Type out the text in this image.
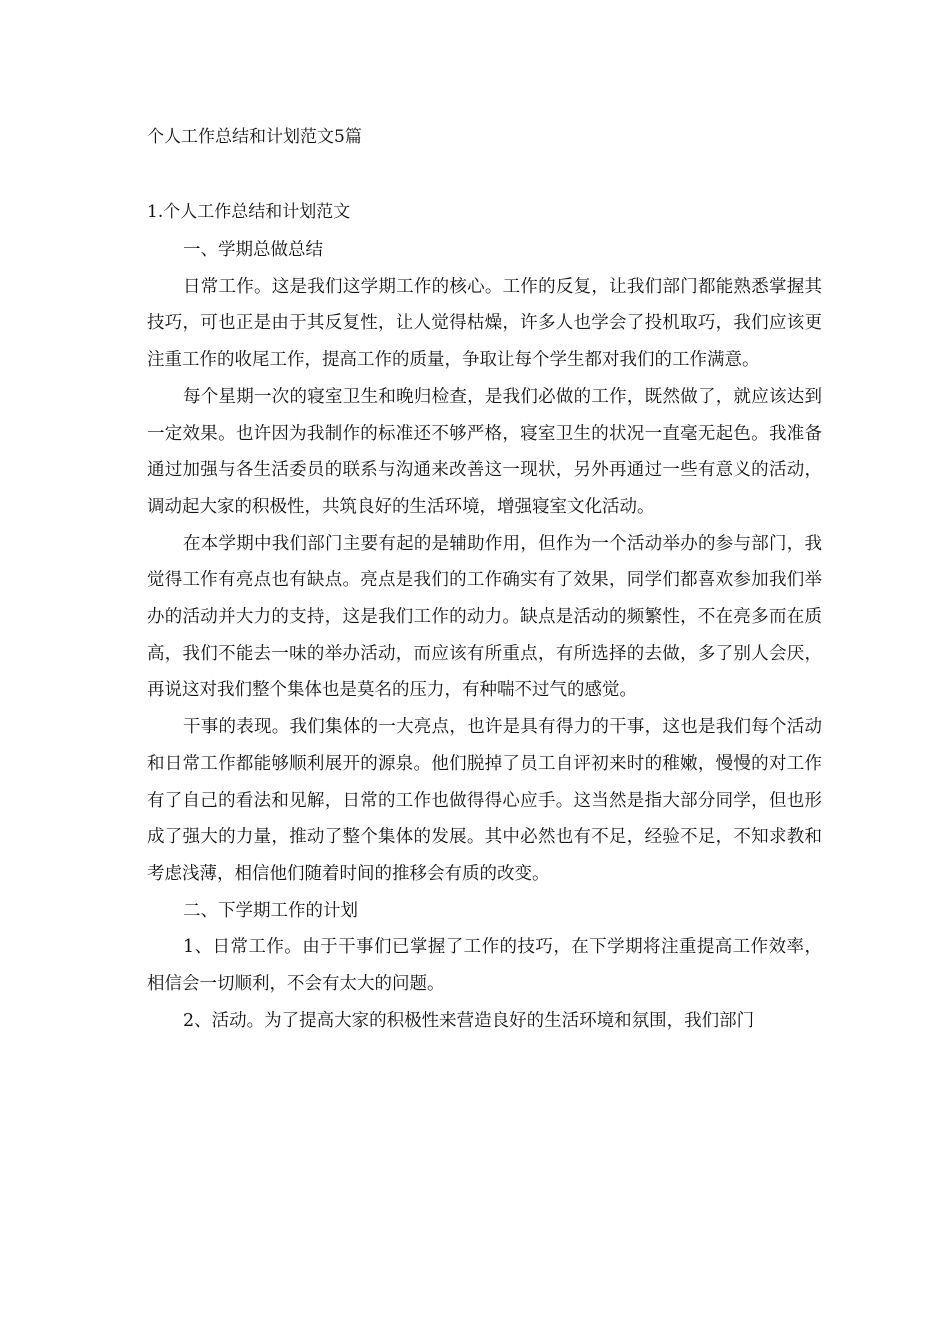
个人工作总结和计划范文5篇
1.个人工作总结和计划范文

一、学期总做总结

日常工作。这是我们这学期工作的核心。工作的反复，让我们部门都能熟悉掌握其技巧，可也正是由于其反复性，让人觉得枯燥，许多人也学会了投机取巧，我们应该更注重工作的收尾工作，提高工作的质量，争取让每个学生都对我们的工作满意。

每个星期一次的寝室卫生和晚归检查，是我们必做的工作，既然做了，就应该达到一定效果。也许因为我制作的标准还不够严格，寝室卫生的状况一直毫无起色。我准备通过加强与各生活委员的联系与沟通来改善这一现状，另外再通过一些有意义的活动，调动起大家的积极性，共筑良好的生活环境，增强寝室文化活动。

在本学期中我们部门主要有起的是辅助作用，但作为一个活动举办的参与部门，我觉得工作有亮点也有缺点。亮点是我们的工作确实有了效果，同学们都喜欢参加我们举办的活动并大力的支持，这是我们工作的动力。缺点是活动的频繁性，不在亮多而在质高，我们不能去一味的举办活动，而应该有所重点，有所选择的去做，多了别人会厌，再说这对我们整个集体也是莫名的压力，有种喘不过气的感觉。

干事的表现。我们集体的一大亮点，也许是具有得力的干事，这也是我们每个活动和日常工作都能够顺利展开的源泉。他们脱掉了员工自评初来时的稚嫩，慢慢的对工作有了自己的看法和见解，日常的工作也做得得心应手。这当然是指大部分同学，但也形成了强大的力量，推动了整个集体的发展。其中必然也有不足，经验不足，不知求教和考虑浅薄，相信他们随着时间的推移会有质的改变。

二、下学期工作的计划

1、日常工作。由于干事们已掌握了工作的技巧，在下学期将注重提高工作效率，相信会一切顺利，不会有太大的问题。

2、活动。为了提高大家的积极性来营造良好的生活环境和氛围，我们部门
